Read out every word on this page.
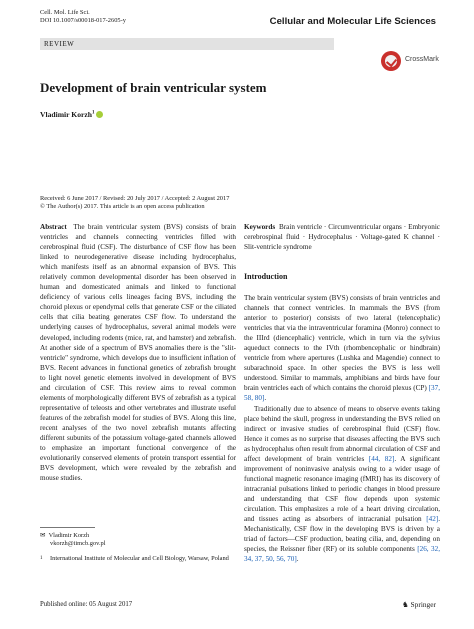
Cell. Mol. Life Sci.
DOI 10.1007/s00018-017-2605-y	Cellular and Molecular Life Sciences
REVIEW
CrossMark
Development of brain ventricular system
Vladimir Korzh$^1$
Received: 6 June 2017 / Revised: 20 July 2017 / Accepted: 2 August 2017
© The Author(s) 2017. This article is an open access publication
Abstract The brain ventricular system (BVS) consists of brain ventricles and channels connecting ventricles filled with cerebrospinal fluid (CSF). The disturbance of CSF flow has been linked to neurodegenerative disease including hydrocephalus, which manifests itself as an abnormal expansion of BVS. This relatively common developmental disorder has been observed in human and domesticated animals and linked to functional deficiency of various cells lineages facing BVS, including the choroid plexus or ependymal cells that generate CSF or the ciliated cells that cilia beating generates CSF flow. To understand the underlying causes of hydrocephalus, several animal models were developed, including rodents (mice, rat, and hamster) and zebrafish. At another side of a spectrum of BVS anomalies there is the "slit-ventricle" syndrome, which develops due to insufficient inflation of BVS. Recent advances in functional genetics of zebrafish brought to light novel genetic elements involved in development of BVS and circulation of CSF. This review aims to reveal common elements of morphologically different BVS of zebrafish as a typical representative of teleosts and other vertebrates and illustrate useful features of the zebrafish model for studies of BVS. Along this line, recent analyses of the two novel zebrafish mutants affecting different subunits of the potassium voltage-gated channels allowed to emphasize an important functional convergence of the evolutionarily conserved elements of protein transport essential for BVS development, which were revealed by the zebrafish and mouse studies.
Keywords Brain ventricle · Circumventricular organs · Embryonic cerebrospinal fluid · Hydrocephalus · Voltage-gated K channel · Slit-ventricle syndrome
Introduction
The brain ventricular system (BVS) consists of brain ventricles and channels that connect ventricles. In mammals the BVS (from anterior to posterior) consists of two lateral (telencephalic) ventricles that via the intraventricular foramina (Monro) connect to the IIIrd (diencephalic) ventricle, which in turn via the sylvius aqueduct connects to the IVth (rhombencephalic or hindbrain) ventricle from where apertures (Lushka and Magendie) connect to subarachnoid space. In other species the BVS is less well understood. Similar to mammals, amphibians and birds have four brain ventricles each of which contains the choroid plexus (CP) [37, 58, 80].
Traditionally due to absence of means to observe events taking place behind the skull, progress in understanding the BVS relied on indirect or invasive studies of cerebrospinal fluid (CSF) flow. Hence it comes as no surprise that diseases affecting the BVS such as hydrocephalus often result from abnormal circulation of CSF and affect development of brain ventricles [44, 82]. A significant improvement of noninvasive analysis owing to a wider usage of functional magnetic resonance imaging (fMRI) has its discovery of intracranial pulsations linked to periodic changes in blood pressure and understanding that CSF flow depends upon systemic circulation. This emphasizes a role of a heart driving circulation, and tissues acting as absorbers of intracranial pulsation [42]. Mechanistically, CSF flow in the developing BVS is driven by a triad of factors—CSF production, beating cilia, and, depending on species, the Reissner fiber (RF) or its soluble components [26, 32, 34, 37, 50, 56, 70].
✉  Vladimir Korzh
vkorzh@iimcb.gov.pl
1	International Institute of Molecular and Cell Biology, Warsaw, Poland
Published online: 05 August 2017	♞ Springer
